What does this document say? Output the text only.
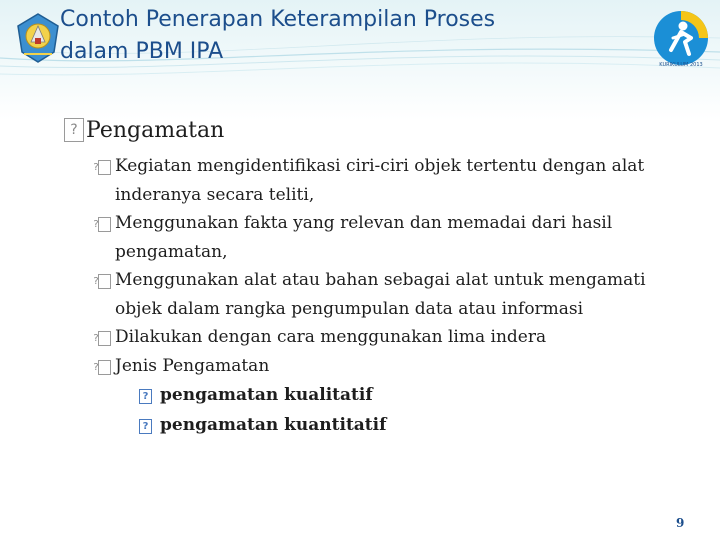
Contoh Penerapan Keterampilan Proses
dalam PBM IPA
KURIKULUM 2013
? Pengamatan
? Kegiatan mengidentifikasi ciri-ciri objek tertentu dengan alat inderanya secara teliti,
? Menggunakan fakta yang relevan dan memadai dari hasil pengamatan,
? Menggunakan alat atau bahan sebagai alat untuk mengamati objek dalam rangka pengumpulan data atau informasi
? Dilakukan dengan cara menggunakan lima indera
? Jenis Pengamatan
? pengamatan kualitatif
? pengamatan kuantitatif
9
